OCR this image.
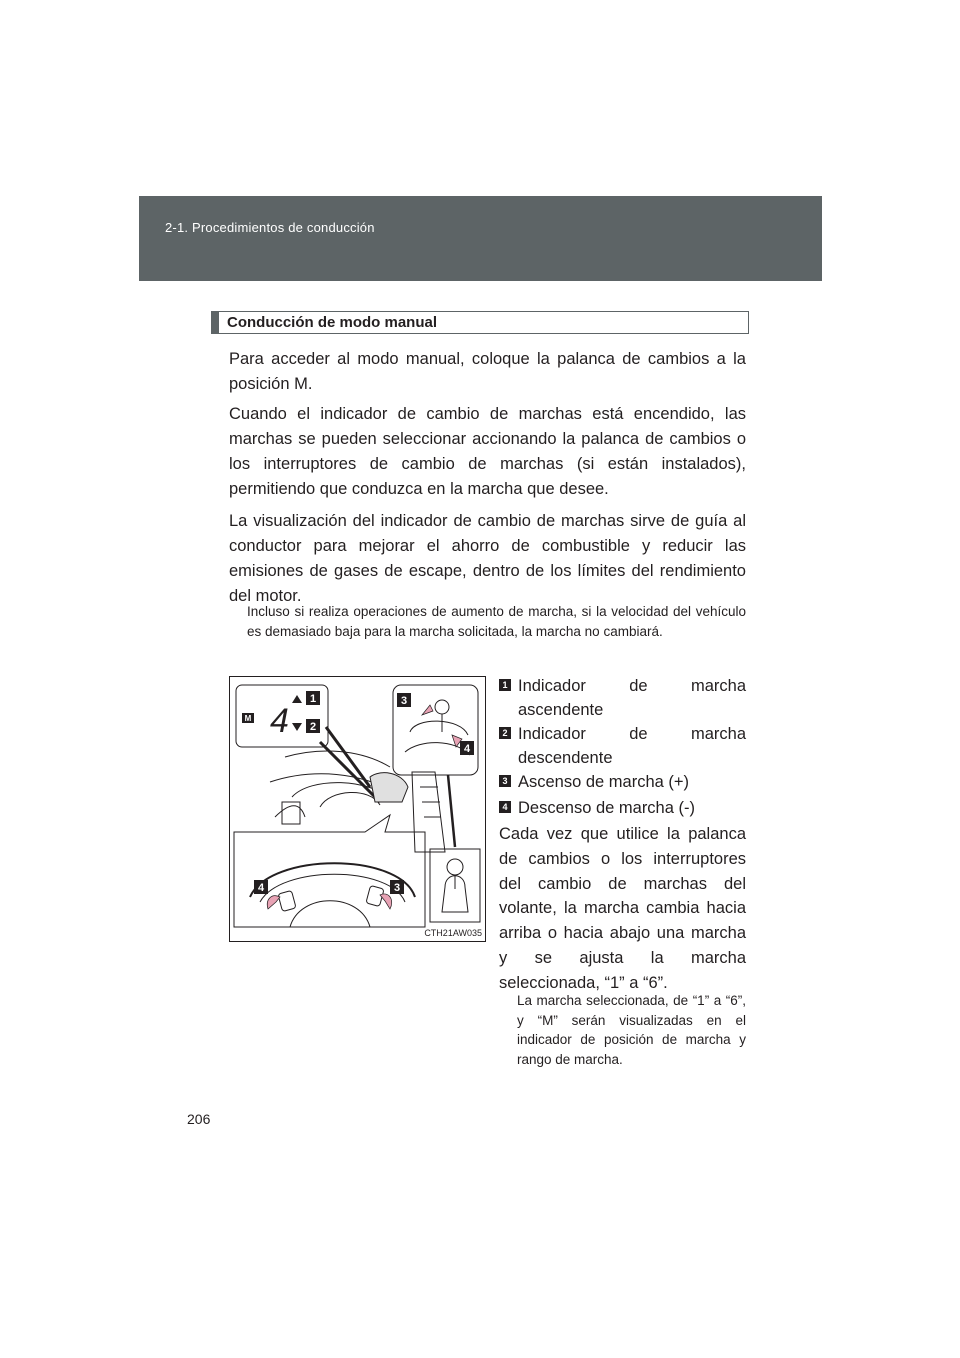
2-1. Procedimientos de conducción
Conducción de modo manual
Para acceder al modo manual, coloque la palanca de cambios a la posición M.
Cuando el indicador de cambio de marchas está encendido, las marchas se pueden seleccionar accionando la palanca de cambios o los interruptores de cambio de marchas (si están instalados), permitiendo que conduzca en la marcha que desee.
La visualización del indicador de cambio de marchas sirve de guía al conductor para mejorar el ahorro de combustible y reducir las emisiones de gases de escape, dentro de los límites del rendimiento del motor.
Incluso si realiza operaciones de aumento de marcha, si la velocidad del vehículo es demasiado baja para la marcha solicitada, la marcha no cambiará.
M 4
1
2
3
4
4	3
CTH21AW035
1 Indicador de marcha
ascendente
2 Indicador de marcha
descendente
3 Ascenso de marcha (+)
4 Descenso de marcha (-)
Cada vez que utilice la palanca de cambios o los interruptores del cambio de marchas del volante, la marcha cambia hacia arriba o hacia abajo una marcha y se ajusta la marcha seleccionada, “1” a “6”.
La marcha seleccionada, de “1” a “6”, y “M” serán visualizadas en el indicador de posición de marcha y rango de marcha.
206
